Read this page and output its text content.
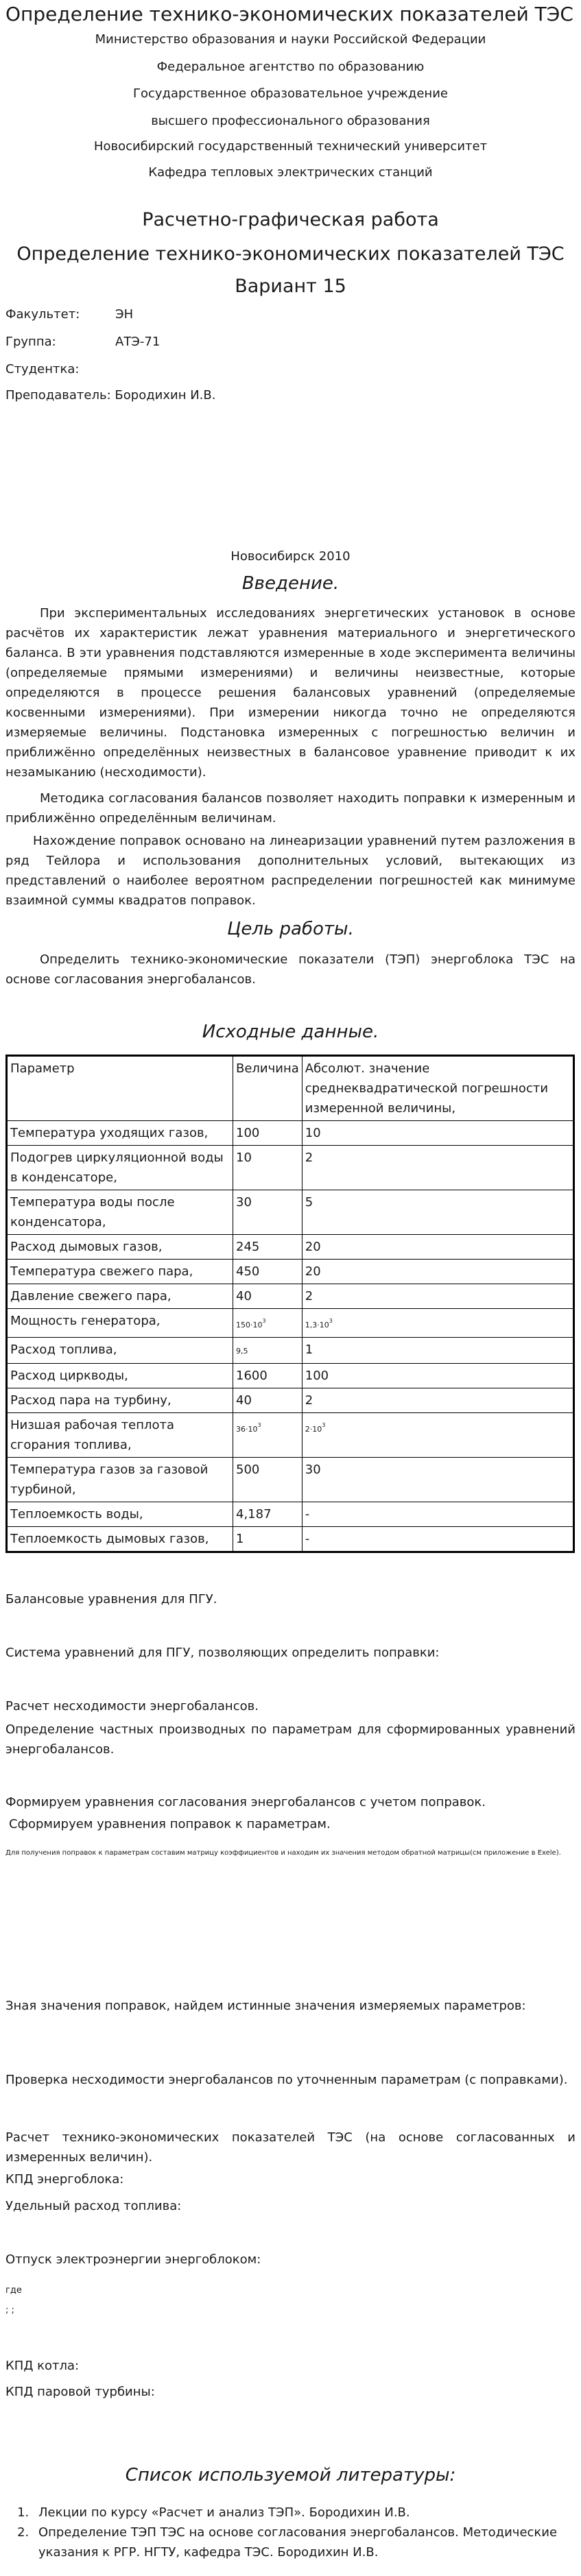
Определение технико-экономических показателей ТЭС
Министерство образования и науки Российской Федерации
Федеральное агентство по образованию
Государственное образовательное учреждение
высшего профессионального образования
Новосибирский государственный технический университет
Кафедра тепловых электрических станций
Расчетно-графическая работа
Определение технико-экономических показателей ТЭС
Вариант 15
Факультет:	ЭН
Группа:	АТЭ-71
Студентка:
Преподаватель: Бородихин И.В.
Новосибирск 2010
Введение.
При экспериментальных исследованиях энергетических установок в основе расчётов их характеристик лежат уравнения материального и энергетического баланса. В эти уравнения подставляются измеренные в ходе эксперимента величины (определяемые прямыми измерениями) и величины неизвестные, которые определяются в процессе решения балансовых уравнений (определяемые косвенными измерениями). При измерении никогда точно не определяются измеряемые величины. Подстановка измеренных с погрешностью величин и приближённо определённых неизвестных в балансовое уравнение приводит к их незамыканию (несходимости).
Методика согласования балансов позволяет находить поправки к измеренным и приближённо определённым величинам.
Нахождение поправок основано на линеаризации уравнений путем разложения в ряд Тейлора и использования дополнительных условий, вытекающих из представлений о наиболее вероятном распределении погрешностей как минимуме взаимной суммы квадратов поправок.
Цель работы.
Определить технико-экономические показатели (ТЭП) энергоблока ТЭС на основе согласования энергобалансов.
Исходные данные.
Параметр	Величина	Абсолют. значение среднеквадратической погрешности измеренной величины,
Температура уходящих газов,	100	10
Подогрев циркуляционной воды в конденсаторе,	10	2
Температура воды после конденсатора,	30	5
Расход дымовых газов,	245	20
Температура свежего пара,	450	20
Давление свежего пара,	40	2
Мощность генератора,	$150\cdot 10^3$	$1,3\cdot 10^3$
Расход топлива,	9,5	1
Расход циркводы,	1600	100
Расход пара на турбину,	40	2
Низшая рабочая теплота сгорания топлива,	$36\cdot 10^3$	$2\cdot 10^3$
Температура газов за газовой турбиной,	500	30
Теплоемкость воды,	4,187	-
Теплоемкость дымовых газов,	1	-
Балансовые уравнения для ПГУ.
Система уравнений для ПГУ, позволяющих определить поправки:
Расчет несходимости энергобалансов.
Определение частных производных по параметрам для сформированных уравнений энергобалансов.
Формируем уравнения согласования энергобалансов с учетом поправок.
Сформируем уравнения поправок к параметрам.
Для получения поправок к параметрам составим матрицу коэффициентов и находим их значения методом обратной матрицы(см приложение в Exele).
Зная значения поправок, найдем истинные значения измеряемых параметров:
Проверка несходимости энергобалансов по уточненным параметрам (с поправками).
Расчет технико-экономических показателей ТЭС (на основе согласованных и измеренных величин).
КПД энергоблока:
Удельный расход топлива:
Отпуск электроэнергии энергоблоком:
где
; ;
КПД котла:
КПД паровой турбины:
Список используемой литературы:
1. Лекции по курсу «Расчет и анализ ТЭП». Бородихин И.В.
2. Определение ТЭП ТЭС на основе согласования энергобалансов. Методические указания к РГР. НГТУ, кафедра ТЭС. Бородихин И.В.
